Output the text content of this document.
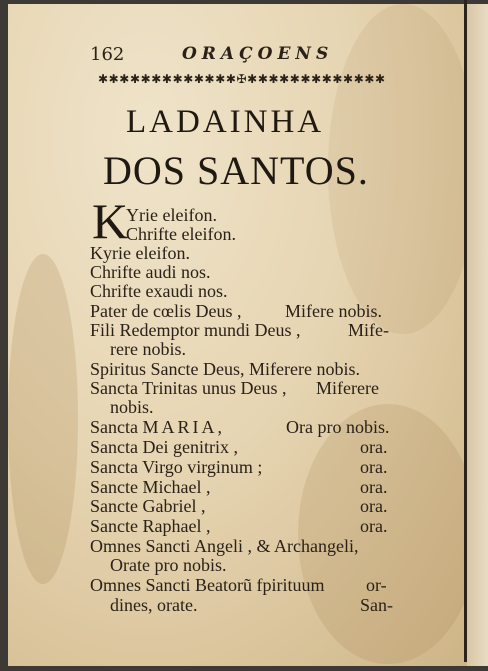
162	ORAÇOENS
✱✱✱✱✱✱✱✱✱✱✱✱✱✠✱✱✱✱✱✱✱✱✱✱✱✱✱
LADAINHA
DOS SANTOS.
K
Yrie eleifon.
Chrifte eleifon.
Kyrie eleifon.
Chrifte audi nos.
Chrifte exaudi nos.
Pater de cœlis Deus , Mifere nobis.
Fili Redemptor mundi Deus ,	Mife-
rere nobis.
Spiritus Sancte Deus, Miferere nobis.
Sancta Trinitas unus Deus , Miferere
nobis.
Sancta MARIA,	Ora pro nobis.
Sancta Dei genitrix ,	ora.
Sancta Virgo virginum ;	ora.
Sancte Michael ,	ora.
Sancte Gabriel ,	ora.
Sancte Raphael ,	ora.
Omnes Sancti Angeli , & Archangeli,
Orate pro nobis.
Omnes Sancti Beatorũ fpirituum or-
dines, orate.	San-
